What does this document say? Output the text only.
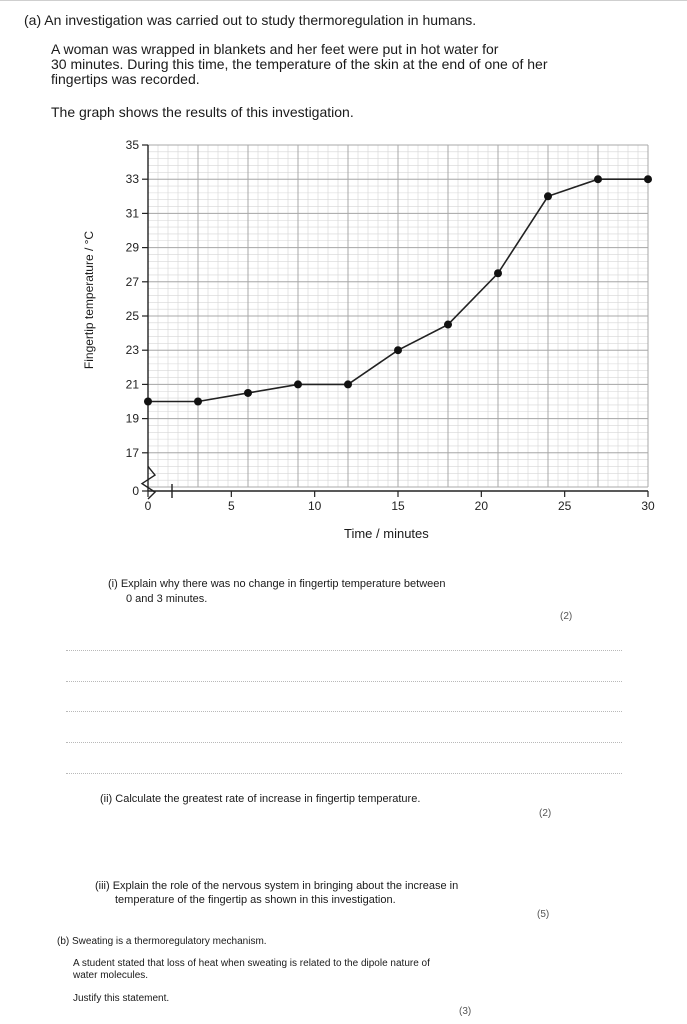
(a) An investigation was carried out to study thermoregulation in humans.
A woman was wrapped in blankets and her feet were put in hot water for
30 minutes. During this time, the temperature of the skin at the end of one of her
fingertips was recorded.
The graph shows the results of this investigation.
Fingertip temperature / °C
0
17
19
21
23
25
27
29
31
33
35
0	5	10	15	20	25	30
Time / minutes
(i) Explain why there was no change in fingertip temperature between
0 and 3 minutes.
(2)
(ii) Calculate the greatest rate of increase in fingertip temperature.
(2)
(iii) Explain the role of the nervous system in bringing about the increase in
temperature of the fingertip as shown in this investigation.
(5)
(b) Sweating is a thermoregulatory mechanism.
A student stated that loss of heat when sweating is related to the dipole nature of
water molecules.
Justify this statement.
(3)
